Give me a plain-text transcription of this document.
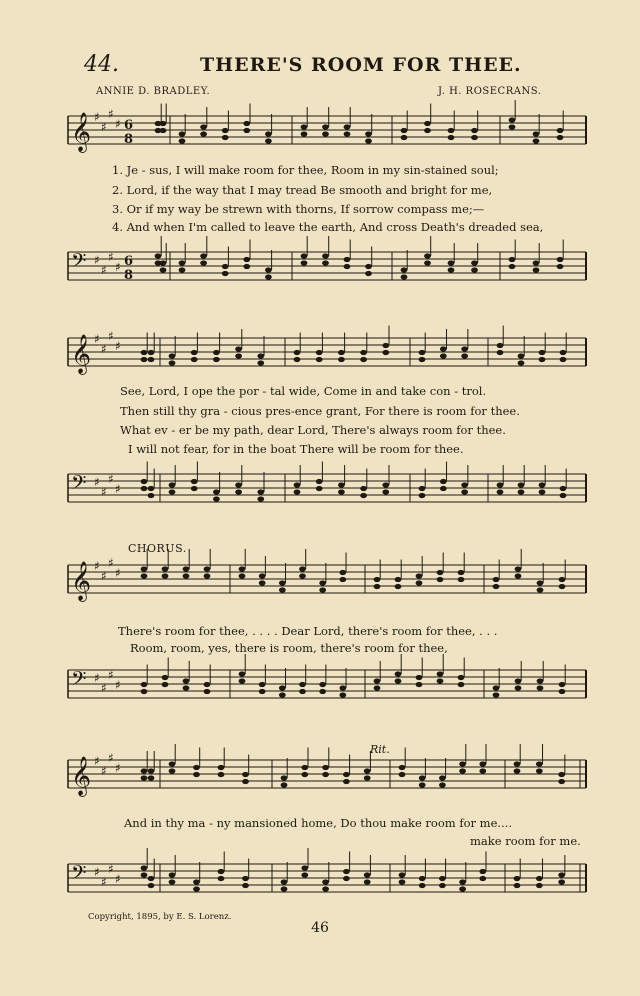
44.	THERE'S ROOM FOR THEE.
ANNIE D. BRADLEY.	J. H. ROSECRANS.
𝄞 ♯
♯
♯
♯ 6
8
𝄢 ♯
♯
♯
♯ 6
8
𝄞 ♯
♯
♯
♯
𝄢 ♯
♯
♯
♯
𝄞 ♯
♯
♯
♯
𝄢 ♯
♯
♯
♯
𝄞 ♯
♯
♯
♯
𝄢 ♯
♯
♯
♯
1. Je - sus, I will make room for thee, Room in my sin-stained soul;
2. Lord, if the way that I may tread Be smooth and bright for me,
3. Or if my way be strewn with thorns, If sorrow compass me;—
4. And when I'm called to leave the earth, And cross Death's dreaded sea,
See, Lord, I ope the por - tal wide, Come in and take con - trol.
Then still thy gra - cious pres-ence grant, For there is room for thee.
What ev - er be my path, dear Lord, There's always room for thee.
I will not fear, for in the boat There will be room for thee.
CHORUS.
There's room for thee, . . . . Dear Lord, there's room for thee, . . .
Room, room, yes, there is room, there's room for thee,
Rit.
And in thy ma - ny mansioned home, Do thou make room for me....
make room for me.
Copyright, 1895, by E. S. Lorenz.
46
